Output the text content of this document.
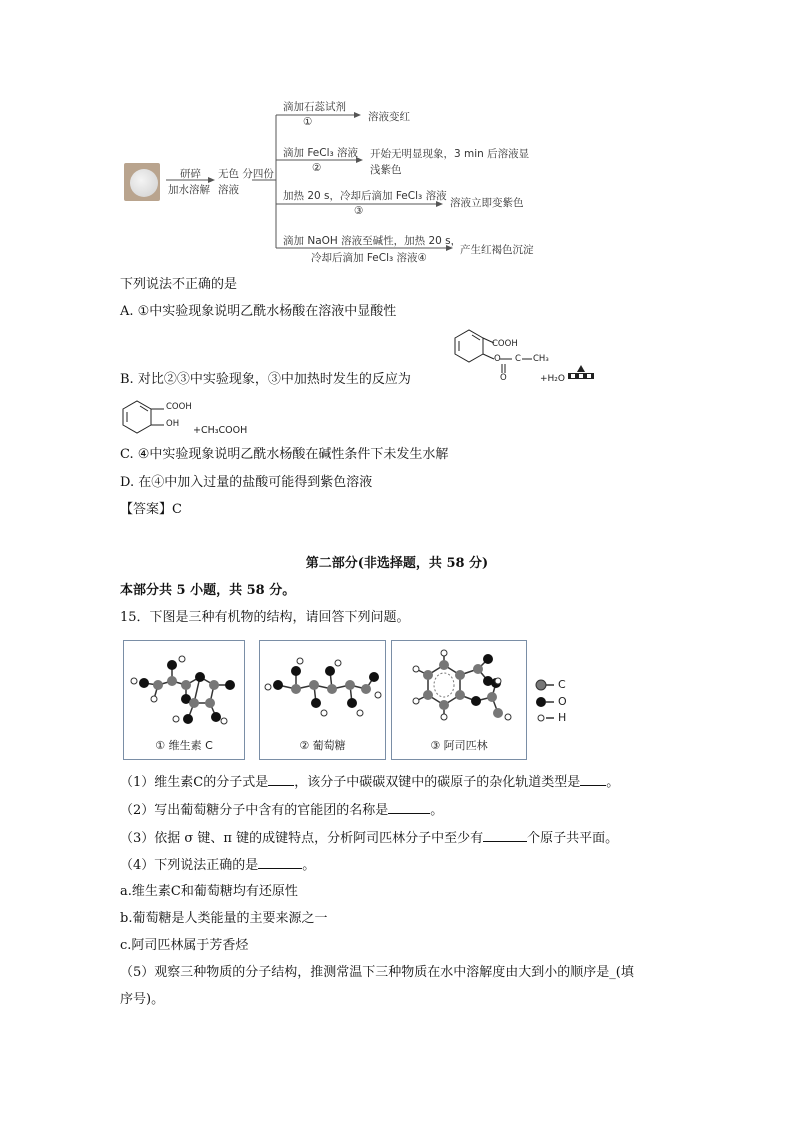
研碎
加水溶解
无色 分四份
溶液
滴加石蕊试剂
①	溶液变红
滴加 FeCl₃ 溶液
②
开始无明显现象，3 min 后溶液显
浅紫色
加热 20 s，冷却后滴加 FeCl₃ 溶液
③
溶液立即变紫色
滴加 NaOH 溶液至碱性，加热 20 s，
冷却后滴加 FeCl₃ 溶液④
产生红褐色沉淀
下列说法不正确的是
A. ①中实验现象说明乙酰水杨酸在溶液中显酸性
COOH
O C CH₃
O	+H₂O
B. 对比②③中实验现象，③中加热时发生的反应为
COOH
OH
+CH₃COOH
C. ④中实验现象说明乙酰水杨酸在碱性条件下未发生水解
D. 在④中加入过量的盐酸可能得到紫色溶液
【答案】C
第二部分(非选择题，共 58 分)
本部分共 5 小题，共 58 分。
15．下图是三种有机物的结构，请回答下列问题。
① 维生素 C	② 葡萄糖	③ 阿司匹林
C
O
H
（1）维生素C的分子式是 ，该分子中碳碳双键中的碳原子的杂化轨道类型是 。
（2）写出葡萄糖分子中含有的官能团的名称是	。
（3）依据 σ 键、π 键的成键特点，分析阿司匹林分子中至少有	个原子共平面。
（4）下列说法正确的是	。
a.维生素C和葡萄糖均有还原性
b.葡萄糖是人类能量的主要来源之一
c.阿司匹林属于芳香烃
（5）观察三种物质的分子结构，推测常温下三种物质在水中溶解度由大到小的顺序是_(填
序号)。
